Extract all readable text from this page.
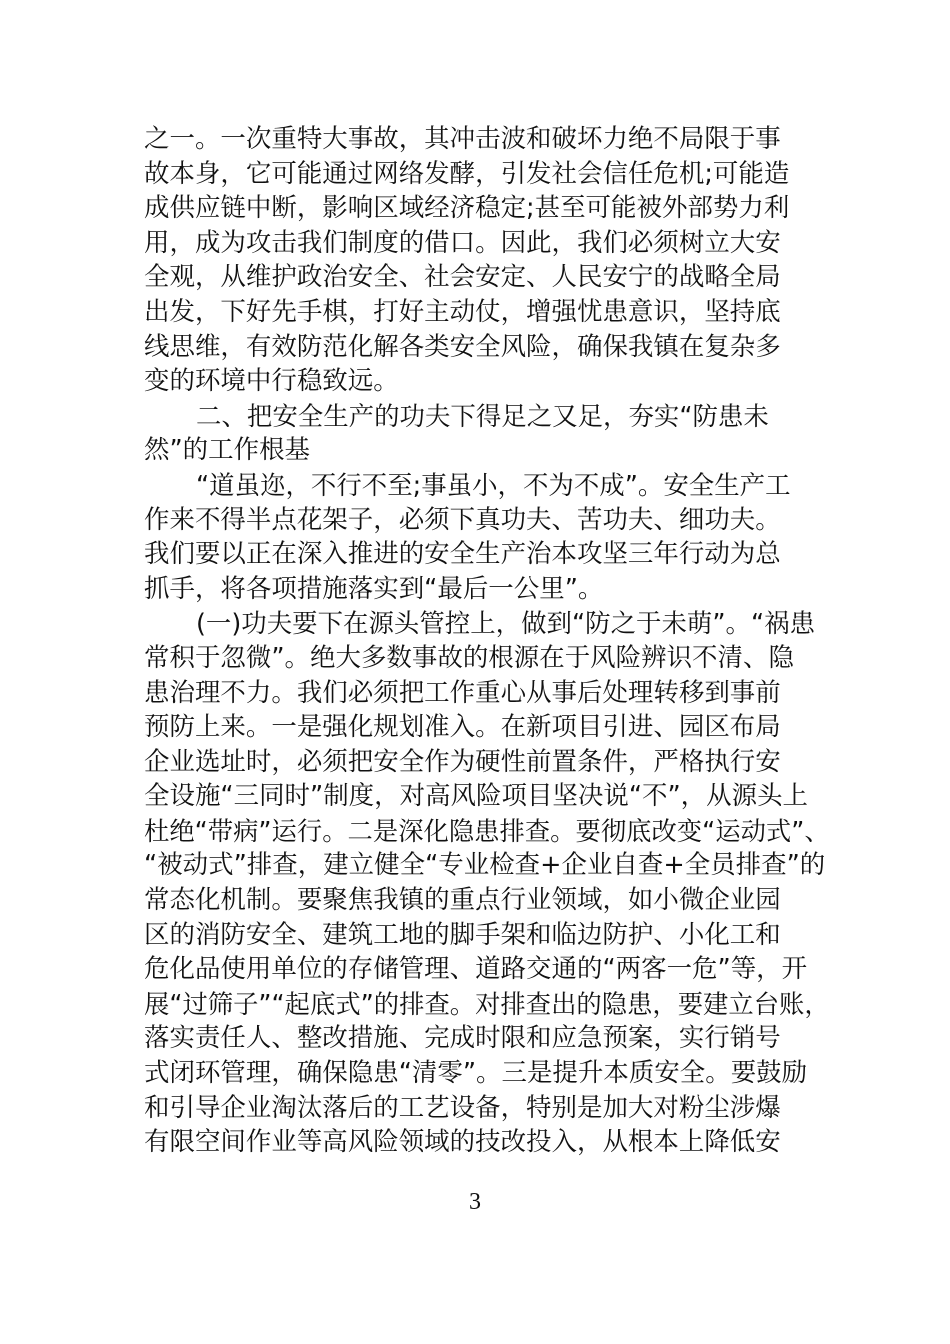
之一。一次重特大事故，其冲击波和破坏力绝不局限于事
故本身，它可能通过网络发酵，引发社会信任危机;可能造
成供应链中断，影响区域经济稳定;甚至可能被外部势力利
用，成为攻击我们制度的借口。因此，我们必须树立大安
全观，从维护政治安全、社会安定、人民安宁的战略全局
出发，下好先手棋，打好主动仗，增强忧患意识，坚持底
线思维，有效防范化解各类安全风险，确保我镇在复杂多
变的环境中行稳致远。
二、把安全生产的功夫下得足之又足，夯实“防患未
然”的工作根基
“道虽迩，不行不至;事虽小，不为不成”。安全生产工
作来不得半点花架子，必须下真功夫、苦功夫、细功夫。
我们要以正在深入推进的安全生产治本攻坚三年行动为总
抓手，将各项措施落实到“最后一公里”。
(一)功夫要下在源头管控上，做到“防之于未萌”。“祸患
常积于忽微”。绝大多数事故的根源在于风险辨识不清、隐
患治理不力。我们必须把工作重心从事后处理转移到事前
预防上来。一是强化规划准入。在新项目引进、园区布局
企业选址时，必须把安全作为硬性前置条件，严格执行安
全设施“三同时”制度，对高风险项目坚决说“不”，从源头上
杜绝“带病”运行。二是深化隐患排查。要彻底改变“运动式”、
“被动式”排查，建立健全“专业检查+企业自查+全员排查”的
常态化机制。要聚焦我镇的重点行业领域，如小微企业园
区的消防安全、建筑工地的脚手架和临边防护、小化工和
危化品使用单位的存储管理、道路交通的“两客一危”等，开
展“过筛子”“起底式”的排查。对排查出的隐患，要建立台账，
落实责任人、整改措施、完成时限和应急预案，实行销号
式闭环管理，确保隐患“清零”。三是提升本质安全。要鼓励
和引导企业淘汰落后的工艺设备，特别是加大对粉尘涉爆
有限空间作业等高风险领域的技改投入，从根本上降低安
3
